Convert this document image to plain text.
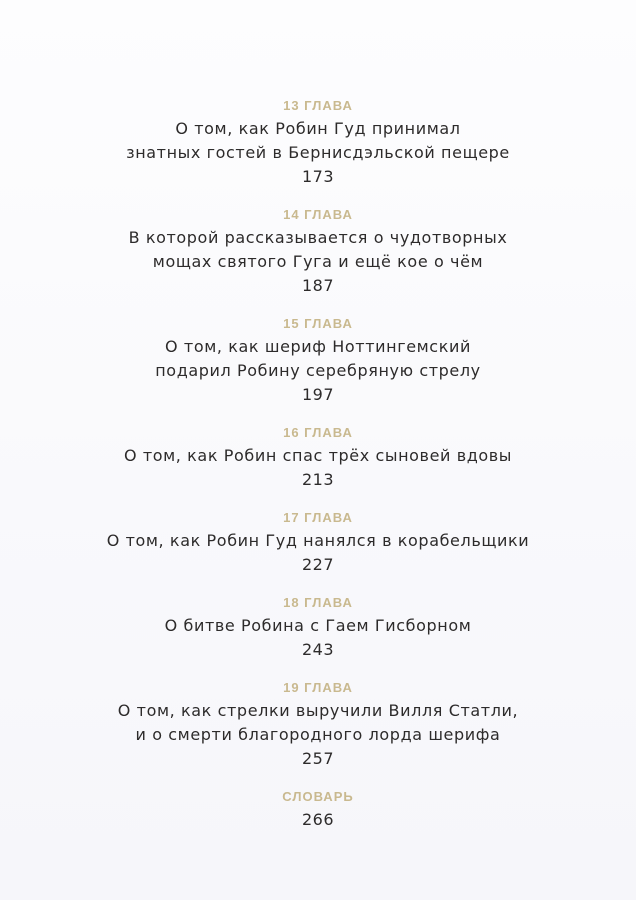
13 ГЛАВА
О том, как Робин Гуд принимал
знатных гостей в Бернисдэльской пещере
173
14 ГЛАВА
В которой рассказывается о чудотворных
мощах святого Гуга и ещё кое о чём
187
15 ГЛАВА
О том, как шериф Ноттингемский
подарил Робину серебряную стрелу
197
16 ГЛАВА
О том, как Робин спас трёх сыновей вдовы
213
17 ГЛАВА
О том, как Робин Гуд нанялся в корабельщики
227
18 ГЛАВА
О битве Робина с Гаем Гисборном
243
19 ГЛАВА
О том, как стрелки выручили Вилля Статли,
и о смерти благородного лорда шерифа
257
СЛОВАРЬ
266
